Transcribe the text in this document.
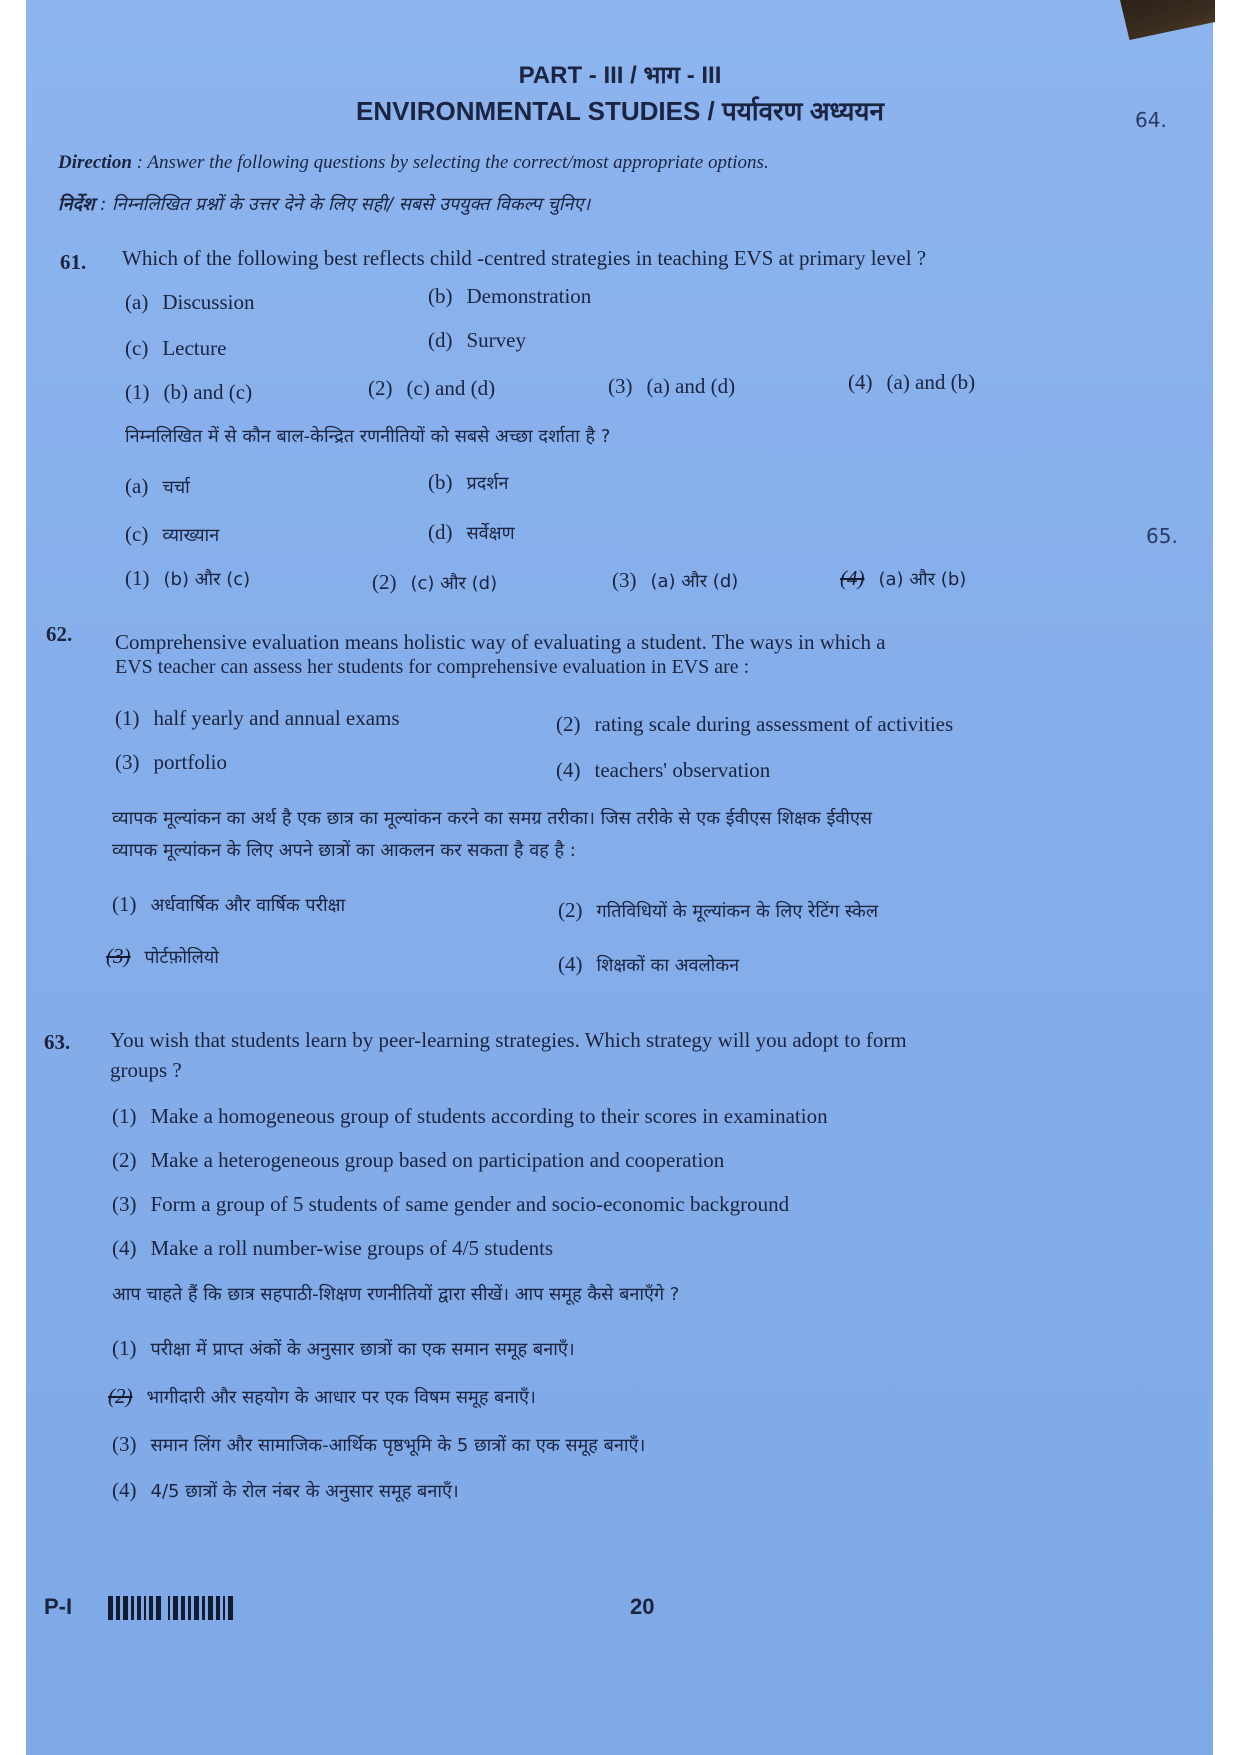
PART - III / भाग - III
ENVIRONMENTAL STUDIES / पर्यावरण अध्ययन	64.
65.
Direction : Answer the following questions by selecting the correct/most appropriate options.
निर्देश : निम्नलिखित प्रश्नों के उत्तर देने के लिए सही/ सबसे उपयुक्त विकल्प चुनिए।
61. Which of the following best reflects child -centred strategies in teaching EVS at primary level ?
(a) Discussion	(b) Demonstration
(c) Lecture	(d) Survey
(1) (b) and (c)	(2) (c) and (d)	(3) (a) and (d)	(4) (a) and (b)
निम्नलिखित में से कौन बाल-केन्द्रित रणनीतियों को सबसे अच्छा दर्शाता है ?
(a) चर्चा	(b) प्रदर्शन
(c) व्याख्यान	(d) सर्वेक्षण
(1) (b) और (c)	(2) (c) और (d)	(3) (a) और (d)	(4) (a) और (b)
62. Comprehensive evaluation means holistic way of evaluating a student. The ways in which a
EVS teacher can assess her students for comprehensive evaluation in EVS are :
(1) half yearly and annual exams	(2) rating scale during assessment of activities
(3) portfolio	(4) teachers' observation
व्यापक मूल्यांकन का अर्थ है एक छात्र का मूल्यांकन करने का समग्र तरीका। जिस तरीके से एक ईवीएस शिक्षक ईवीएस
व्यापक मूल्यांकन के लिए अपने छात्रों का आकलन कर सकता है वह है :
(1) अर्धवार्षिक और वार्षिक परीक्षा	(2) गतिविधियों के मूल्यांकन के लिए रेटिंग स्केल
(3) पोर्टफ़ोलियो	(4) शिक्षकों का अवलोकन
63. You wish that students learn by peer-learning strategies. Which strategy will you adopt to form
groups ?
(1) Make a homogeneous group of students according to their scores in examination
(2) Make a heterogeneous group based on participation and cooperation
(3) Form a group of 5 students of same gender and socio-economic background
(4) Make a roll number-wise groups of 4/5 students
आप चाहते हैं कि छात्र सहपाठी-शिक्षण रणनीतियों द्वारा सीखें। आप समूह कैसे बनाएँगे ?
(1) परीक्षा में प्राप्त अंकों के अनुसार छात्रों का एक समान समूह बनाएँ।
(2) भागीदारी और सहयोग के आधार पर एक विषम समूह बनाएँ।
(3) समान लिंग और सामाजिक-आर्थिक पृष्ठभूमि के 5 छात्रों का एक समूह बनाएँ।
(4) 4/5 छात्रों के रोल नंबर के अनुसार समूह बनाएँ।
P-I	20
